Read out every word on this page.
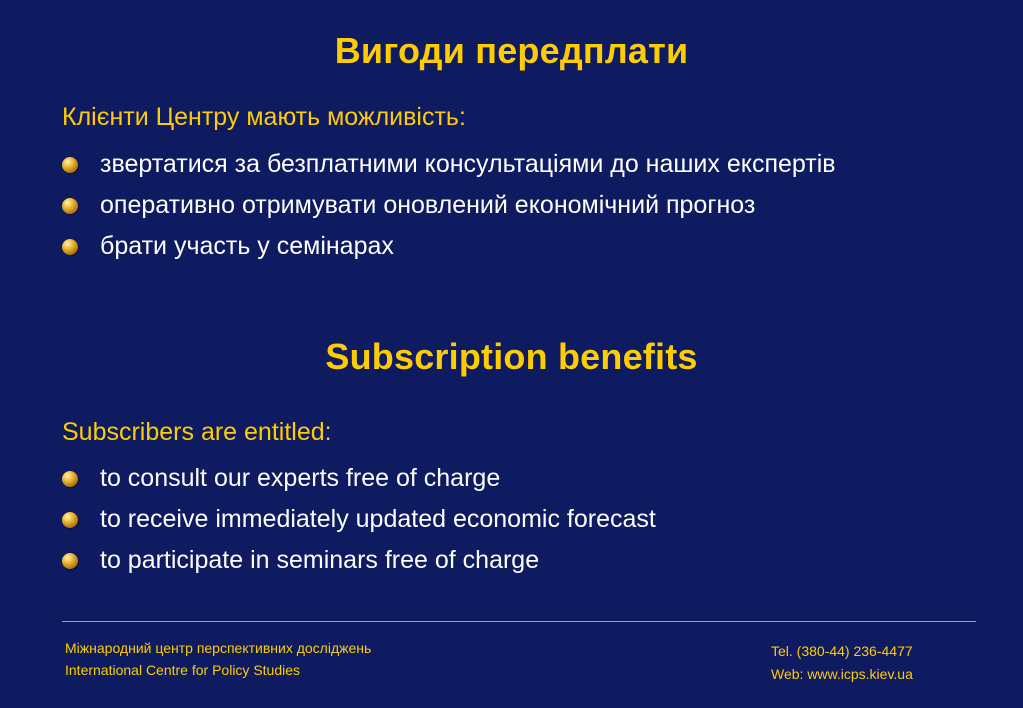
Вигоди передплати
Клієнти Центру мають можливість:
звертатися за безплатними консультаціями до наших експертів
оперативно отримувати оновлений економічний прогноз
брати участь у семінарах
Subscription benefits
Subscribers are entitled:
to consult our experts free of charge
to receive immediately updated economic forecast
to participate in seminars free of charge
Міжнародний центр перспективних досліджень
International Centre for Policy Studies
Tel. (380-44) 236-4477
Web: www.icps.kiev.ua
